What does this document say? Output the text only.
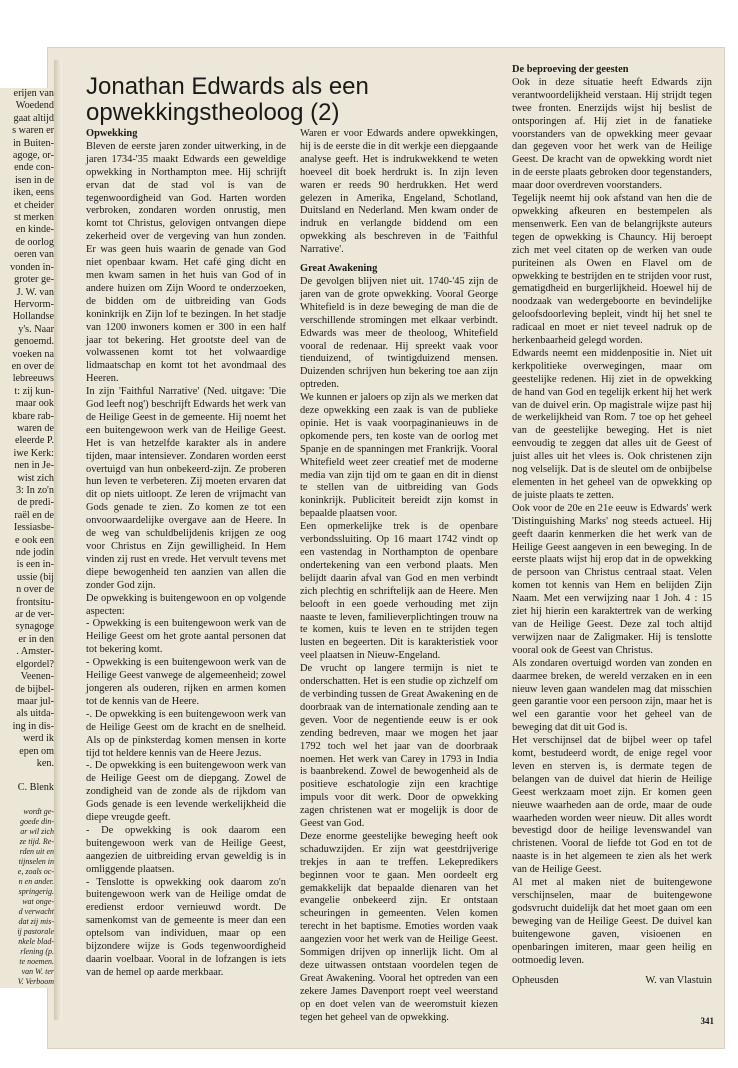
erijen van
Woedend
gaat altijd
s waren er
in Buiten-
agoge, or-
ende con-
isen in de
iken, eens
et cheider
st merken
en kinde-
de oorlog
oeren van
vonden in-
groter ge-
J. W. van
Hervorm-
Hollandse
y's. Naar
genoemd.
voeken na
en over de
lebreeuws
t: zij kun-
maar ook
kbare rab-
waren de
eleerde P.
iwe Kerk:
nen in Je-
wist zich
3: In zo'n
de predi-
raël en de
Iessiasbe-
e ook een
nde jodin
is een in-
ussie (bij
n over de
frontsitu-
ar de ver-
synagoge
er in den
. Amster-
elgordel?
Veenen-
de bijbel-
maar jul-
als uitda-
ing in dis-
werd ik
epen om
ken.
C. Blenk
wordt ge-
goede din-
ar wil zich
ze tijd. Re-
rden uit en
tijnselen in
e, zoals oc-
n en ander.
springerig.
wat onge-
d verwacht
dat zij mis-
ij pastorale
nkele blad-
rlening (p.
te noemen.
van W. ter
V. Verboom
Jonathan Edwards als een opwekkingstheoloog (2)

Opwekking

Bleven de eerste jaren zonder uitwerking, in de jaren 1734-'35 maakt Edwards een geweldige opwekking in Northampton mee. Hij schrijft ervan dat de stad vol is van de tegenwoordigheid van God. Harten worden verbroken, zondaren worden onrustig, men komt tot Christus, gelovigen ontvangen diepe zekerheid over de vergeving van hun zonden. Er was geen huis waarin de genade van God niet openbaar kwam. Het café ging dicht en men kwam samen in het huis van God of in andere huizen om Zijn Woord te onderzoeken, de bidden om de uitbreiding van Gods koninkrijk en Zijn lof te bezingen. In het stadje van 1200 inwoners komen er 300 in een half jaar tot bekering. Het grootste deel van de volwassenen komt tot het volwaardige lidmaatschap en komt tot het avondmaal des Heeren.
In zijn 'Faithful Narrative' (Ned. uitgave: 'Die God leeft nog') beschrijft Edwards het werk van de Heilige Geest in de gemeente. Hij noemt het een buitengewoon werk van de Heilige Geest. Het is van hetzelfde karakter als in andere tijden, maar intensiever. Zondaren worden eerst overtuigd van hun onbekeerd-zijn. Ze proberen hun leven te verbeteren. Zij moeten ervaren dat dit op niets uitloopt. Ze leren de vrijmacht van Gods genade te zien. Zo komen ze tot een onvoorwaardelijke overgave aan de Heere. In de weg van schuldbelijdenis krijgen ze oog voor Christus en Zijn gewilligheid. In Hem vinden zij rust en vrede. Het vervult tevens met diepe bewogenheid ten aanzien van allen die zonder God zijn.
De opwekking is buitengewoon en op volgende aspecten:
- Opwekking is een buitengewoon werk van de Heilige Geest om het grote aantal personen dat tot bekering komt.
- Opwekking is een buitengewoon werk van de Heilige Geest vanwege de algemeenheid; zowel jongeren als ouderen, rijken en armen komen tot de kennis van de Heere.
-. De opwekking is een buitengewoon werk van de Heilige Geest om de kracht en de snelheid. Als op de pinksterdag komen mensen in korte tijd tot heldere kennis van de Heere Jezus.
-. De opwekking is een buitengewoon werk van de Heilige Geest om de diepgang. Zowel de zondigheid van de zonde als de rijkdom van Gods genade is een levende werkelijkheid die diepe vreugde geeft.
- De opwekking is ook daarom een buitengewoon werk van de Heilige Geest, aangezien de uitbreiding ervan geweldig is in omliggende plaatsen.
- Tenslotte is opwekking ook daarom zo'n buitengewoon werk van de Heilige omdat de eredienst erdoor vernieuwd wordt. De samenkomst van de gemeente is meer dan een optelsom van individuen, maar op een bijzondere wijze is Gods tegenwoordigheid daarin voelbaar. Vooral in de lofzangen is iets van de hemel op aarde merkbaar.

Waren er voor Edwards andere opwekkingen, hij is de eerste die in dit werkje een diepgaande analyse geeft. Het is indrukwekkend te weten hoeveel dit boek herdrukt is. In zijn leven waren er reeds 90 herdrukken. Het werd gelezen in Amerika, Engeland, Schotland, Duitsland en Nederland. Men kwam onder de indruk en verlangde biddend om een opwekking als beschreven in de 'Faithful Narrative'.

Great Awakening

De gevolgen blijven niet uit. 1740-'45 zijn de jaren van de grote opwekking. Vooral George Whitefield is in deze beweging de man die de verschillende stromingen met elkaar verbindt. Edwards was meer de theoloog, Whitefield vooral de redenaar. Hij spreekt vaak voor tienduizend, of twintigduizend mensen. Duizenden schrijven hun bekering toe aan zijn optreden.
We kunnen er jaloers op zijn als we merken dat deze opwekking een zaak is van de publieke opinie. Het is vaak voorpaginanieuws in de opkomende pers, ten koste van de oorlog met Spanje en de spanningen met Frankrijk. Vooral Whitefield weet zeer creatief met de moderne media van zijn tijd om te gaan en dit in dienst te stellen van de uitbreiding van Gods koninkrijk. Publiciteit bereidt zijn komst in bepaalde plaatsen voor.
Een opmerkelijke trek is de openbare verbondssluiting. Op 16 maart 1742 vindt op een vastendag in Northampton de openbare ondertekening van een verbond plaats. Men belijdt daarin afval van God en men verbindt zich plechtig en schriftelijk aan de Heere. Men belooft in een goede verhouding met zijn naaste te leven, familieverplichtingen trouw na te komen, kuis te leven en te strijden tegen lusten en begeerten. Dit is karakteristiek voor veel plaatsen in Nieuw-Engeland.
De vrucht op langere termijn is niet te onderschatten. Het is een studie op zichzelf om de verbinding tussen de Great Awakening en de doorbraak van de internationale zending aan te geven. Voor de negentiende eeuw is er ook zending bedreven, maar we mogen het jaar 1792 toch wel het jaar van de doorbraak noemen. Het werk van Carey in 1793 in India is baanbrekend. Zowel de bewogenheid als de positieve eschatologie zijn een krachtige impuls voor dit werk. Door de opwekking zagen christenen wat er mogelijk is door de Geest van God.
Deze enorme geestelijke beweging heeft ook schaduwzijden. Er zijn wat geestdrijverige trekjes in aan te treffen. Lekepredikers beginnen voor te gaan. Men oordeelt erg gemakkelijk dat bepaalde dienaren van het evangelie onbekeerd zijn. Er ontstaan scheuringen in gemeenten. Velen komen terecht in het baptisme. Emoties worden vaak aangezien voor het werk van de Heilige Geest. Sommigen drijven op innerlijk licht. Om al deze uitwassen ontstaan voordelen tegen de Great Awakening. Vooral het optreden van een zekere James Davenport roept veel weerstand op en doet velen van de weeromstuit kiezen tegen het geheel van de opwekking.

De beproeving der geesten

Ook in deze situatie heeft Edwards zijn verantwoordelijkheid verstaan. Hij strijdt tegen twee fronten. Enerzijds wijst hij beslist de ontsporingen af. Hij ziet in de fanatieke voorstanders van de opwekking meer gevaar dan gegeven voor het werk van de Heilige Geest. De kracht van de opwekking wordt niet in de eerste plaats gebroken door tegenstanders, maar door overdreven voorstanders.
Tegelijk neemt hij ook afstand van hen die de opwekking afkeuren en bestempelen als mensenwerk. Een van de belangrijkste auteurs tegen de opwekking is Chauncy. Hij beroept zich met veel citaten op de werken van oude puriteinen als Owen en Flavel om de opwekking te bestrijden en te strijden voor rust, gematigdheid en burgerlijkheid. Hoewel hij de noodzaak van wedergeboorte en bevindelijke geloofsdoorleving bepleit, vindt hij het snel te radicaal en moet er niet teveel nadruk op de herkenbaarheid gelegd worden.
Edwards neemt een middenpositie in. Niet uit kerkpolitieke overwegingen, maar om geestelijke redenen. Hij ziet in de opwekking de hand van God en tegelijk erkent hij het werk van de duivel erin. Op magistrale wijze past hij de werkelijkheid van Rom. 7 toe op het geheel van de geestelijke beweging. Het is niet eenvoudig te zeggen dat alles uit de Geest of juist alles uit het vlees is. Ook christenen zijn nog velselijk. Dat is de sleutel om de onbijbelse elementen in het geheel van de opwekking op de juiste plaats te zetten.
Ook voor de 20e en 21e eeuw is Edwards' werk 'Distinguishing Marks' nog steeds actueel. Hij geeft daarin kenmerken die het werk van de Heilige Geest aangeven in een beweging. In de eerste plaats wijst hij erop dat in de opwekking de persoon van Christus centraal staat. Velen komen tot kennis van Hem en belijden Zijn Naam. Met een verwijzing naar 1 Joh. 4 : 15 ziet hij hierin een karaktertrek van de werking van de Heilige Geest. Deze zal toch altijd verwijzen naar de Zaligmaker. Hij is tenslotte vooral ook de Geest van Christus.
Als zondaren overtuigd worden van zonden en daarmee breken, de wereld verzaken en in een nieuw leven gaan wandelen mag dat misschien geen garantie voor een persoon zijn, maar het is wel een garantie voor het geheel van de beweging dat dit uit God is.
Het verschijnsel dat de bijbel weer op tafel komt, bestudeerd wordt, de enige regel voor leven en sterven is, is dermate tegen de belangen van de duivel dat hierin de Heilige Geest werkzaam moet zijn. Er komen geen nieuwe waarheden aan de orde, maar de oude waarheden worden weer nieuw. Dit alles wordt bevestigd door de heilige levenswandel van christenen. Vooral de liefde tot God en tot de naaste is in het algemeen te zien als het werk van de Heilige Geest.
Al met al maken niet de buitengewone verschijnselen, maar de buitengewone godsvrucht duidelijk dat het moet gaan om een beweging van de Heilige Geest. De duivel kan buitengewone gaven, visioenen en openbaringen imiteren, maar geen heilig en ootmoedig leven.
Opheusden	W. van Vlastuin
341
